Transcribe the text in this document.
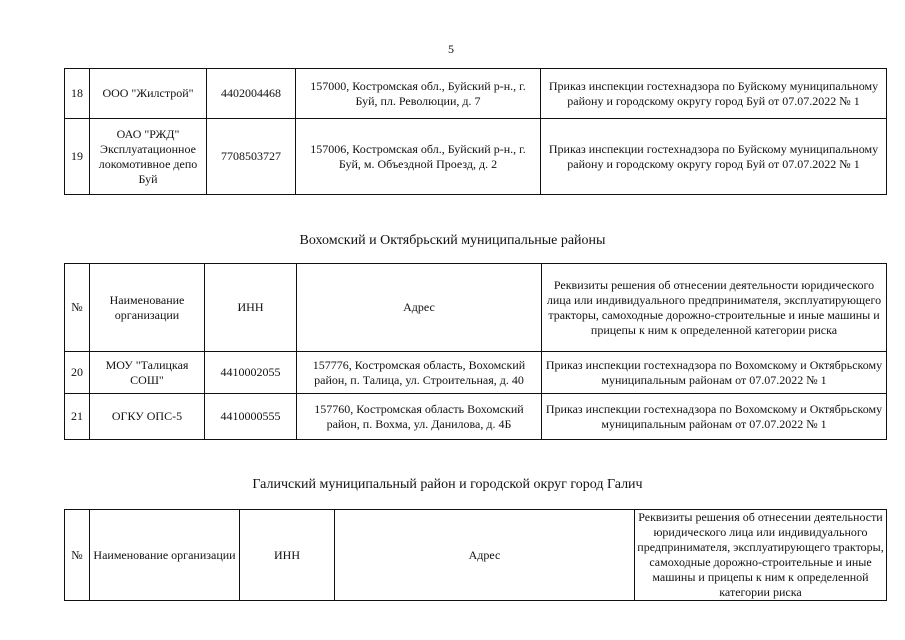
5
18	ООО "Жилстрой"	4402004468	157000, Костромская обл., Буйский р-н., г. Буй, пл. Революции, д. 7	Приказ инспекции гостехнадзора по Буйскому муниципальному району и городскому округу город Буй от 07.07.2022 № 1
19	ОАО "РЖД" Эксплуатационное локомотивное депо Буй	7708503727	157006, Костромская обл., Буйский р-н., г. Буй, м. Объездной Проезд, д. 2	Приказ инспекции гостехнадзора по Буйскому муниципальному району и городскому округу город Буй от 07.07.2022 № 1
Вохомский и Октябрьский муниципальные районы
№	Наименование организации	ИНН	Адрес	Реквизиты решения об отнесении деятельности юридического лица или индивидуального предпринимателя, эксплуатирующего тракторы, самоходные дорожно-строительные и иные машины и прицепы к ним к определенной категории риска
20	МОУ "Талицкая СОШ"	4410002055	157776, Костромская область, Вохомский район, п. Талица, ул. Строительная, д. 40	Приказ инспекции гостехнадзора по Вохомскому и Октябрьскому муниципальным районам от 07.07.2022 № 1
21	ОГКУ ОПС-5	4410000555	157760, Костромская область Вохомский район, п. Вохма, ул. Данилова, д. 4Б	Приказ инспекции гостехнадзора по Вохомскому и Октябрьскому муниципальным районам от 07.07.2022 № 1
Галичский муниципальный район и городской округ город Галич
№	Наименование организации	ИНН	Адрес	Реквизиты решения об отнесении деятельности юридического лица или индивидуального предпринимателя, эксплуатирующего тракторы, самоходные дорожно-строительные и иные машины и прицепы к ним к определенной категории риска
